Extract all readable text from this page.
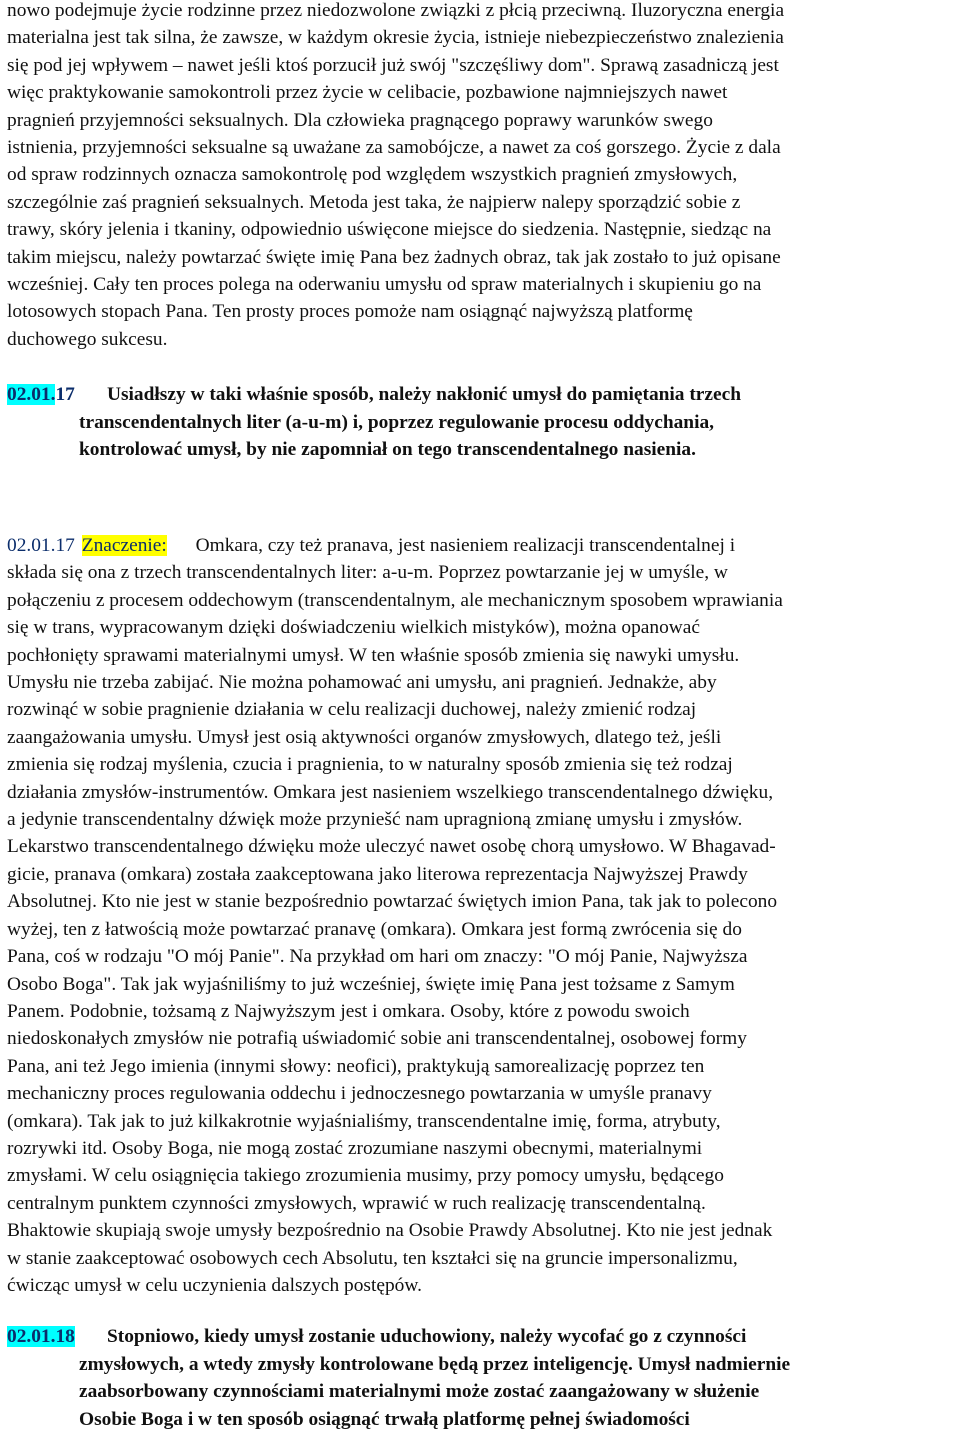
nowo podejmuje życie rodzinne przez niedozwolone związki z płcią przeciwną. Iluzoryczna energia

materialna jest tak silna, że zawsze, w każdym okresie życia, istnieje niebezpieczeństwo znalezienia

się pod jej wpływem – nawet jeśli ktoś porzucił już swój "szczęśliwy dom". Sprawą zasadniczą jest

więc praktykowanie samokontroli przez życie w celibacie, pozbawione najmniejszych nawet

pragnień przyjemności seksualnych. Dla człowieka pragnącego poprawy warunków swego

istnienia, przyjemności seksualne są uważane za samobójcze, a nawet za coś gorszego. Życie z dala

od spraw rodzinnych oznacza samokontrolę pod względem wszystkich pragnień zmysłowych,

szczególnie zaś pragnień seksualnych. Metoda jest taka, że najpierw nalepy sporządzić sobie z

trawy, skóry jelenia i tkaniny, odpowiednio uświęcone miejsce do siedzenia. Następnie, siedząc na

takim miejscu, należy powtarzać święte imię Pana bez żadnych obraz, tak jak zostało to już opisane

wcześniej. Cały ten proces polega na oderwaniu umysłu od spraw materialnych i skupieniu go na

lotosowych stopach Pana. Ten prosty proces pomoże nam osiągnąć najwyższą platformę

duchowego sukcesu.

02.01.17 Usiadłszy w taki właśnie sposób, należy nakłonić umysł do pamiętania trzech

transcendentalnych liter (a-u-m) i, poprzez regulowanie procesu oddychania,

kontrolować umysł, by nie zapomniał on tego transcendentalnego nasienia.

02.01.17 Znaczenie: Omkara, czy też pranava, jest nasieniem realizacji transcendentalnej i

składa się ona z trzech transcendentalnych liter: a-u-m. Poprzez powtarzanie jej w umyśle, w

połączeniu z procesem oddechowym (transcendentalnym, ale mechanicznym sposobem wprawiania

się w trans, wypracowanym dzięki doświadczeniu wielkich mistyków), można opanować

pochłonięty sprawami materialnymi umysł. W ten właśnie sposób zmienia się nawyki umysłu.

Umysłu nie trzeba zabijać. Nie można pohamować ani umysłu, ani pragnień. Jednakże, aby

rozwinąć w sobie pragnienie działania w celu realizacji duchowej, należy zmienić rodzaj

zaangażowania umysłu. Umysł jest osią aktywności organów zmysłowych, dlatego też, jeśli

zmienia się rodzaj myślenia, czucia i pragnienia, to w naturalny sposób zmienia się też rodzaj

działania zmysłów-instrumentów. Omkara jest nasieniem wszelkiego transcendentalnego dźwięku,

a jedynie transcendentalny dźwięk może przyniešć nam upragnioną zmianę umysłu i zmysłów.

Lekarstwo transcendentalnego dźwięku może uleczyć nawet osobę chorą umysłowo. W Bhagavad-

gicie, pranava (omkara) została zaakceptowana jako literowa reprezentacja Najwyższej Prawdy

Absolutnej. Kto nie jest w stanie bezpośrednio powtarzać świętych imion Pana, tak jak to polecono

wyżej, ten z łatwością może powtarzać pranavę (omkara). Omkara jest formą zwrócenia się do

Pana, coś w rodzaju "O mój Panie". Na przykład om hari om znaczy: "O mój Panie, Najwyższa

Osobo Boga". Tak jak wyjaśniliśmy to już wcześniej, święte imię Pana jest tożsame z Samym

Panem. Podobnie, tożsamą z Najwyższym jest i omkara. Osoby, które z powodu swoich

niedoskonałych zmysłów nie potrafią uświadomić sobie ani transcendentalnej, osobowej formy

Pana, ani też Jego imienia (innymi słowy: neofici), praktykują samorealizację poprzez ten

mechaniczny proces regulowania oddechu i jednoczesnego powtarzania w umyśle pranavy

(omkara). Tak jak to już kilkakrotnie wyjaśnialiśmy, transcendentalne imię, forma, atrybuty,

rozrywki itd. Osoby Boga, nie mogą zostać zrozumiane naszymi obecnymi, materialnymi

zmysłami. W celu osiągnięcia takiego zrozumienia musimy, przy pomocy umysłu, będącego

centralnym punktem czynności zmysłowych, wprawić w ruch realizację transcendentalną.

Bhaktowie skupiają swoje umysły bezpośrednio na Osobie Prawdy Absolutnej. Kto nie jest jednak

w stanie zaakceptować osobowych cech Absolutu, ten kształci się na gruncie impersonalizmu,

ćwicząc umysł w celu uczynienia dalszych postępów.

02.01.18 Stopniowo, kiedy umysł zostanie uduchowiony, należy wycofać go z czynności

zmysłowych, a wtedy zmysły kontrolowane będą przez inteligencję. Umysł nadmiernie

zaabsorbowany czynnościami materialnymi może zostać zaangażowany w służenie

Osobie Boga i w ten sposób osiągnąć trwałą platformę pełnej świadomości
